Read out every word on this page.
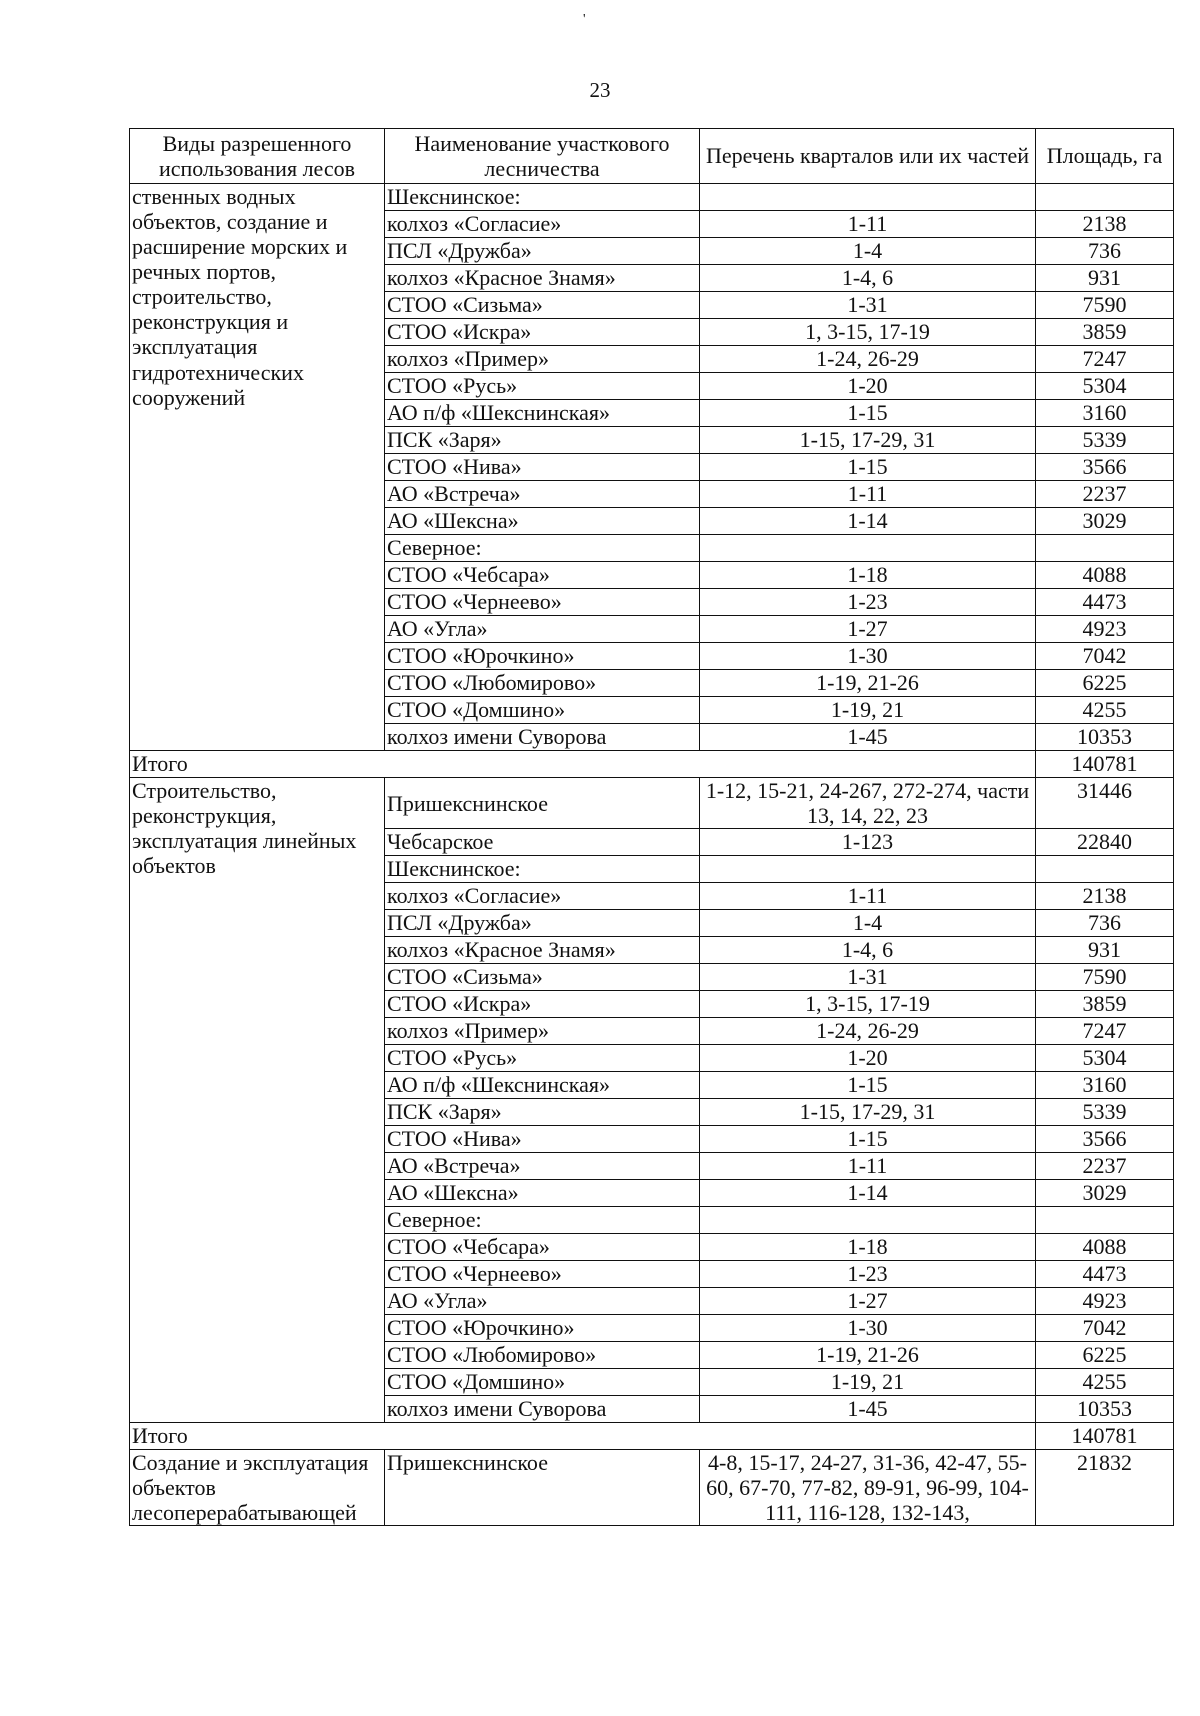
'
23
Виды разрешенного использования лесов	Наименование участкового лесничества	Перечень кварталов или их частей	Площадь, га
ственных водных объектов, создание и расширение морских и речных портов, строительство, реконструкция и эксплуатация гидротехнических сооружений	Шекснинское:		
	колхоз «Согласие»	1-11	2138
	ПСЛ «Дружба»	1-4	736
	колхоз «Красное Знамя»	1-4, 6	931
	СТОО «Сизьма»	1-31	7590
	СТОО «Искра»	1, 3-15, 17-19	3859
	колхоз «Пример»	1-24, 26-29	7247
	СТОО «Русь»	1-20	5304
	АО п/ф «Шекснинская»	1-15	3160
	ПСК «Заря»	1-15, 17-29, 31	5339
	СТОО «Нива»	1-15	3566
	АО «Встреча»	1-11	2237
	АО «Шексна»	1-14	3029
	Северное:		
	СТОО «Чебсара»	1-18	4088
	СТОО «Чернеево»	1-23	4473
	АО «Угла»	1-27	4923
	СТОО «Юрочкино»	1-30	7042
	СТОО «Любомирово»	1-19, 21-26	6225
	СТОО «Домшино»	1-19, 21	4255
	колхоз имени Суворова	1-45	10353
Итого			140781
Строительство, реконструкция, эксплуатация линейных объектов	Пришекснинское	1-12, 15-21, 24-267, 272-274, части 13, 14, 22, 23	31446
	Чебсарское	1-123	22840
	Шекснинское:		
	колхоз «Согласие»	1-11	2138
	ПСЛ «Дружба»	1-4	736
	колхоз «Красное Знамя»	1-4, 6	931
	СТОО «Сизьма»	1-31	7590
	СТОО «Искра»	1, 3-15, 17-19	3859
	колхоз «Пример»	1-24, 26-29	7247
	СТОО «Русь»	1-20	5304
	АО п/ф «Шекснинская»	1-15	3160
	ПСК «Заря»	1-15, 17-29, 31	5339
	СТОО «Нива»	1-15	3566
	АО «Встреча»	1-11	2237
	АО «Шексна»	1-14	3029
	Северное:		
	СТОО «Чебсара»	1-18	4088
	СТОО «Чернеево»	1-23	4473
	АО «Угла»	1-27	4923
	СТОО «Юрочкино»	1-30	7042
	СТОО «Любомирово»	1-19, 21-26	6225
	СТОО «Домшино»	1-19, 21	4255
	колхоз имени Суворова	1-45	10353
Итого			140781
Создание и эксплуатация объектов лесоперерабатывающей	Пришекснинское	4-8, 15-17, 24-27, 31-36, 42-47, 55-60, 67-70, 77-82, 89-91, 96-99, 104-111, 116-128, 132-143,	21832
